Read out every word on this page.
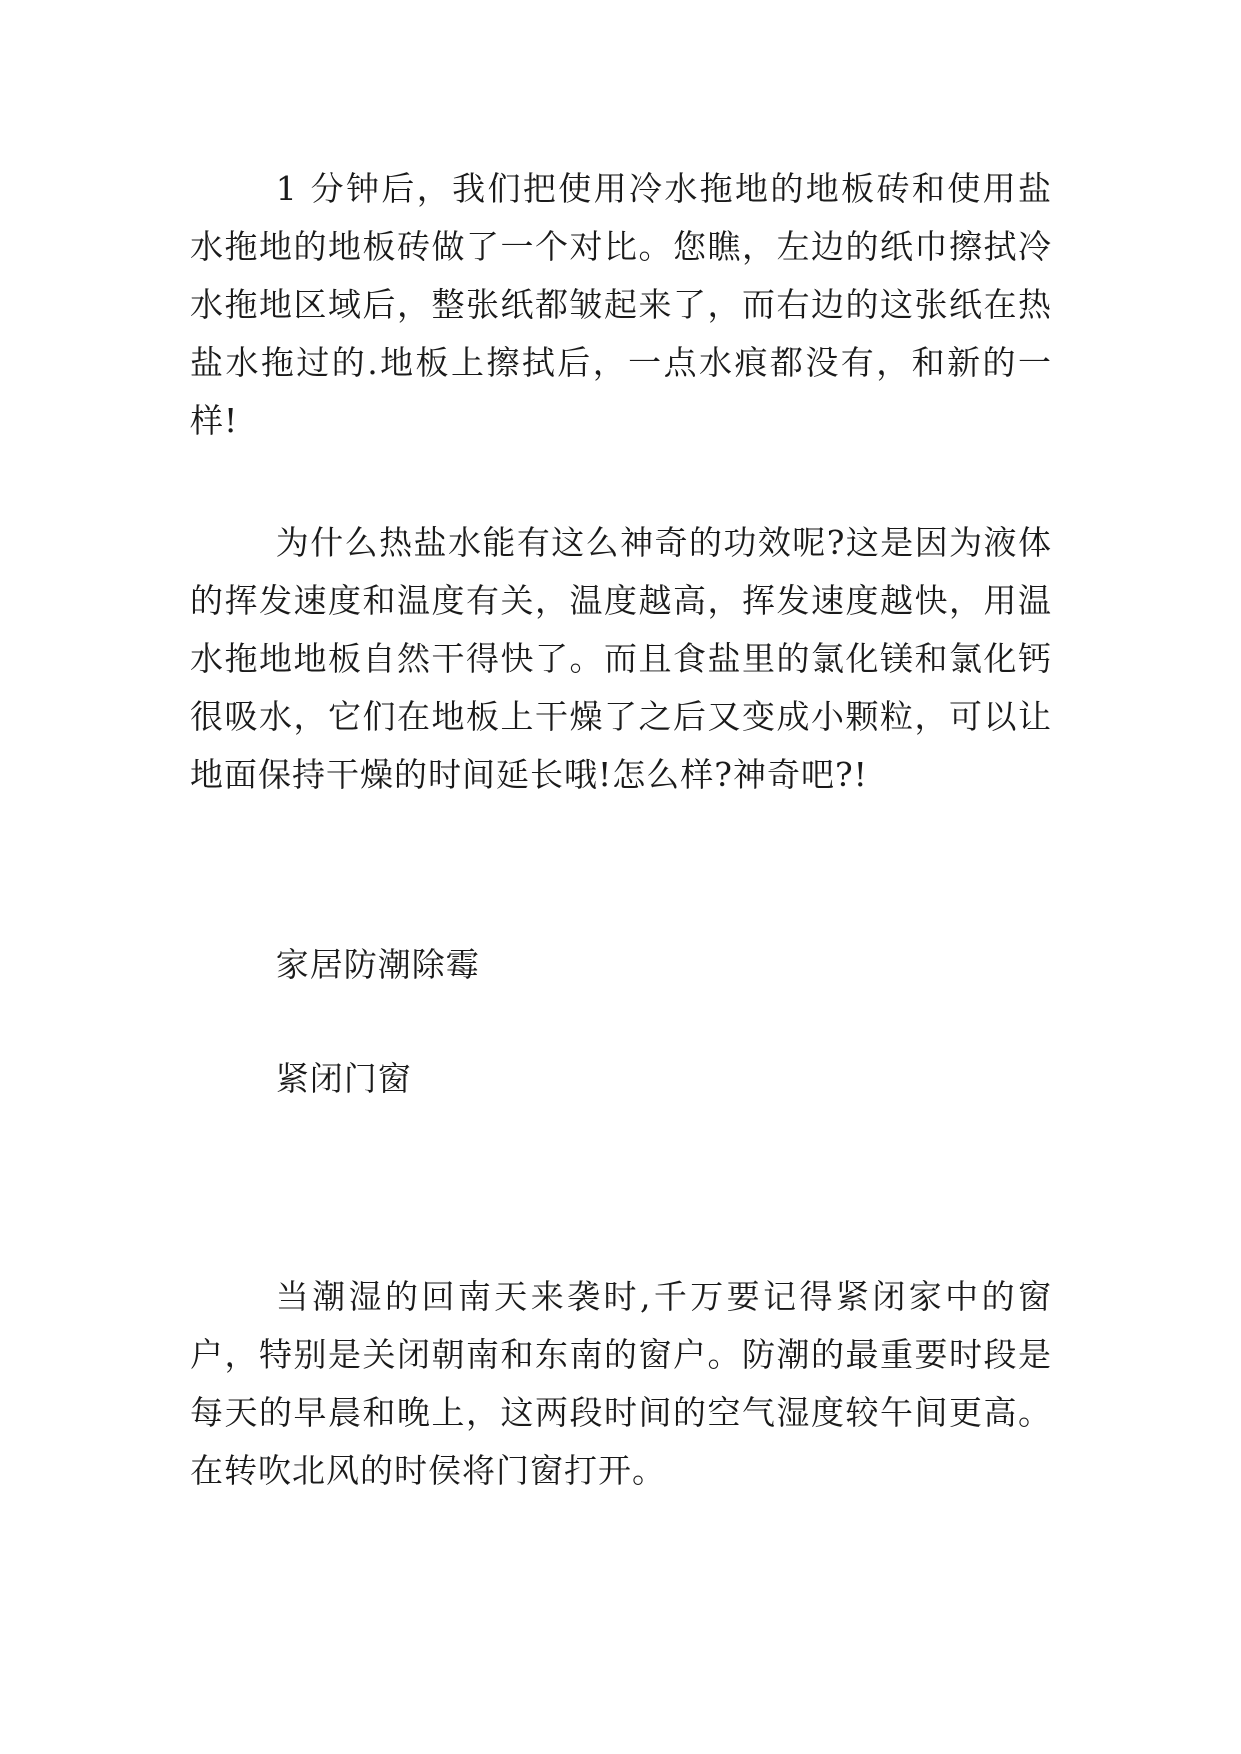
1 分钟后，我们把使用冷水拖地的地板砖和使用盐水拖地的地板砖做了一个对比。您瞧，左边的纸巾擦拭冷水拖地区域后，整张纸都皱起来了，而右边的这张纸在热盐水拖过的.地板上擦拭后，一点水痕都没有，和新的一样!

为什么热盐水能有这么神奇的功效呢?这是因为液体的挥发速度和温度有关，温度越高，挥发速度越快，用温水拖地地板自然干得快了。而且食盐里的氯化镁和氯化钙很吸水，它们在地板上干燥了之后又变成小颗粒，可以让地面保持干燥的时间延长哦!怎么样?神奇吧?!

家居防潮除霉

紧闭门窗

当潮湿的回南天来袭时,千万要记得紧闭家中的窗户，特别是关闭朝南和东南的窗户。防潮的最重要时段是每天的早晨和晚上，这两段时间的空气湿度较午间更高。在转吹北风的时侯将门窗打开。
